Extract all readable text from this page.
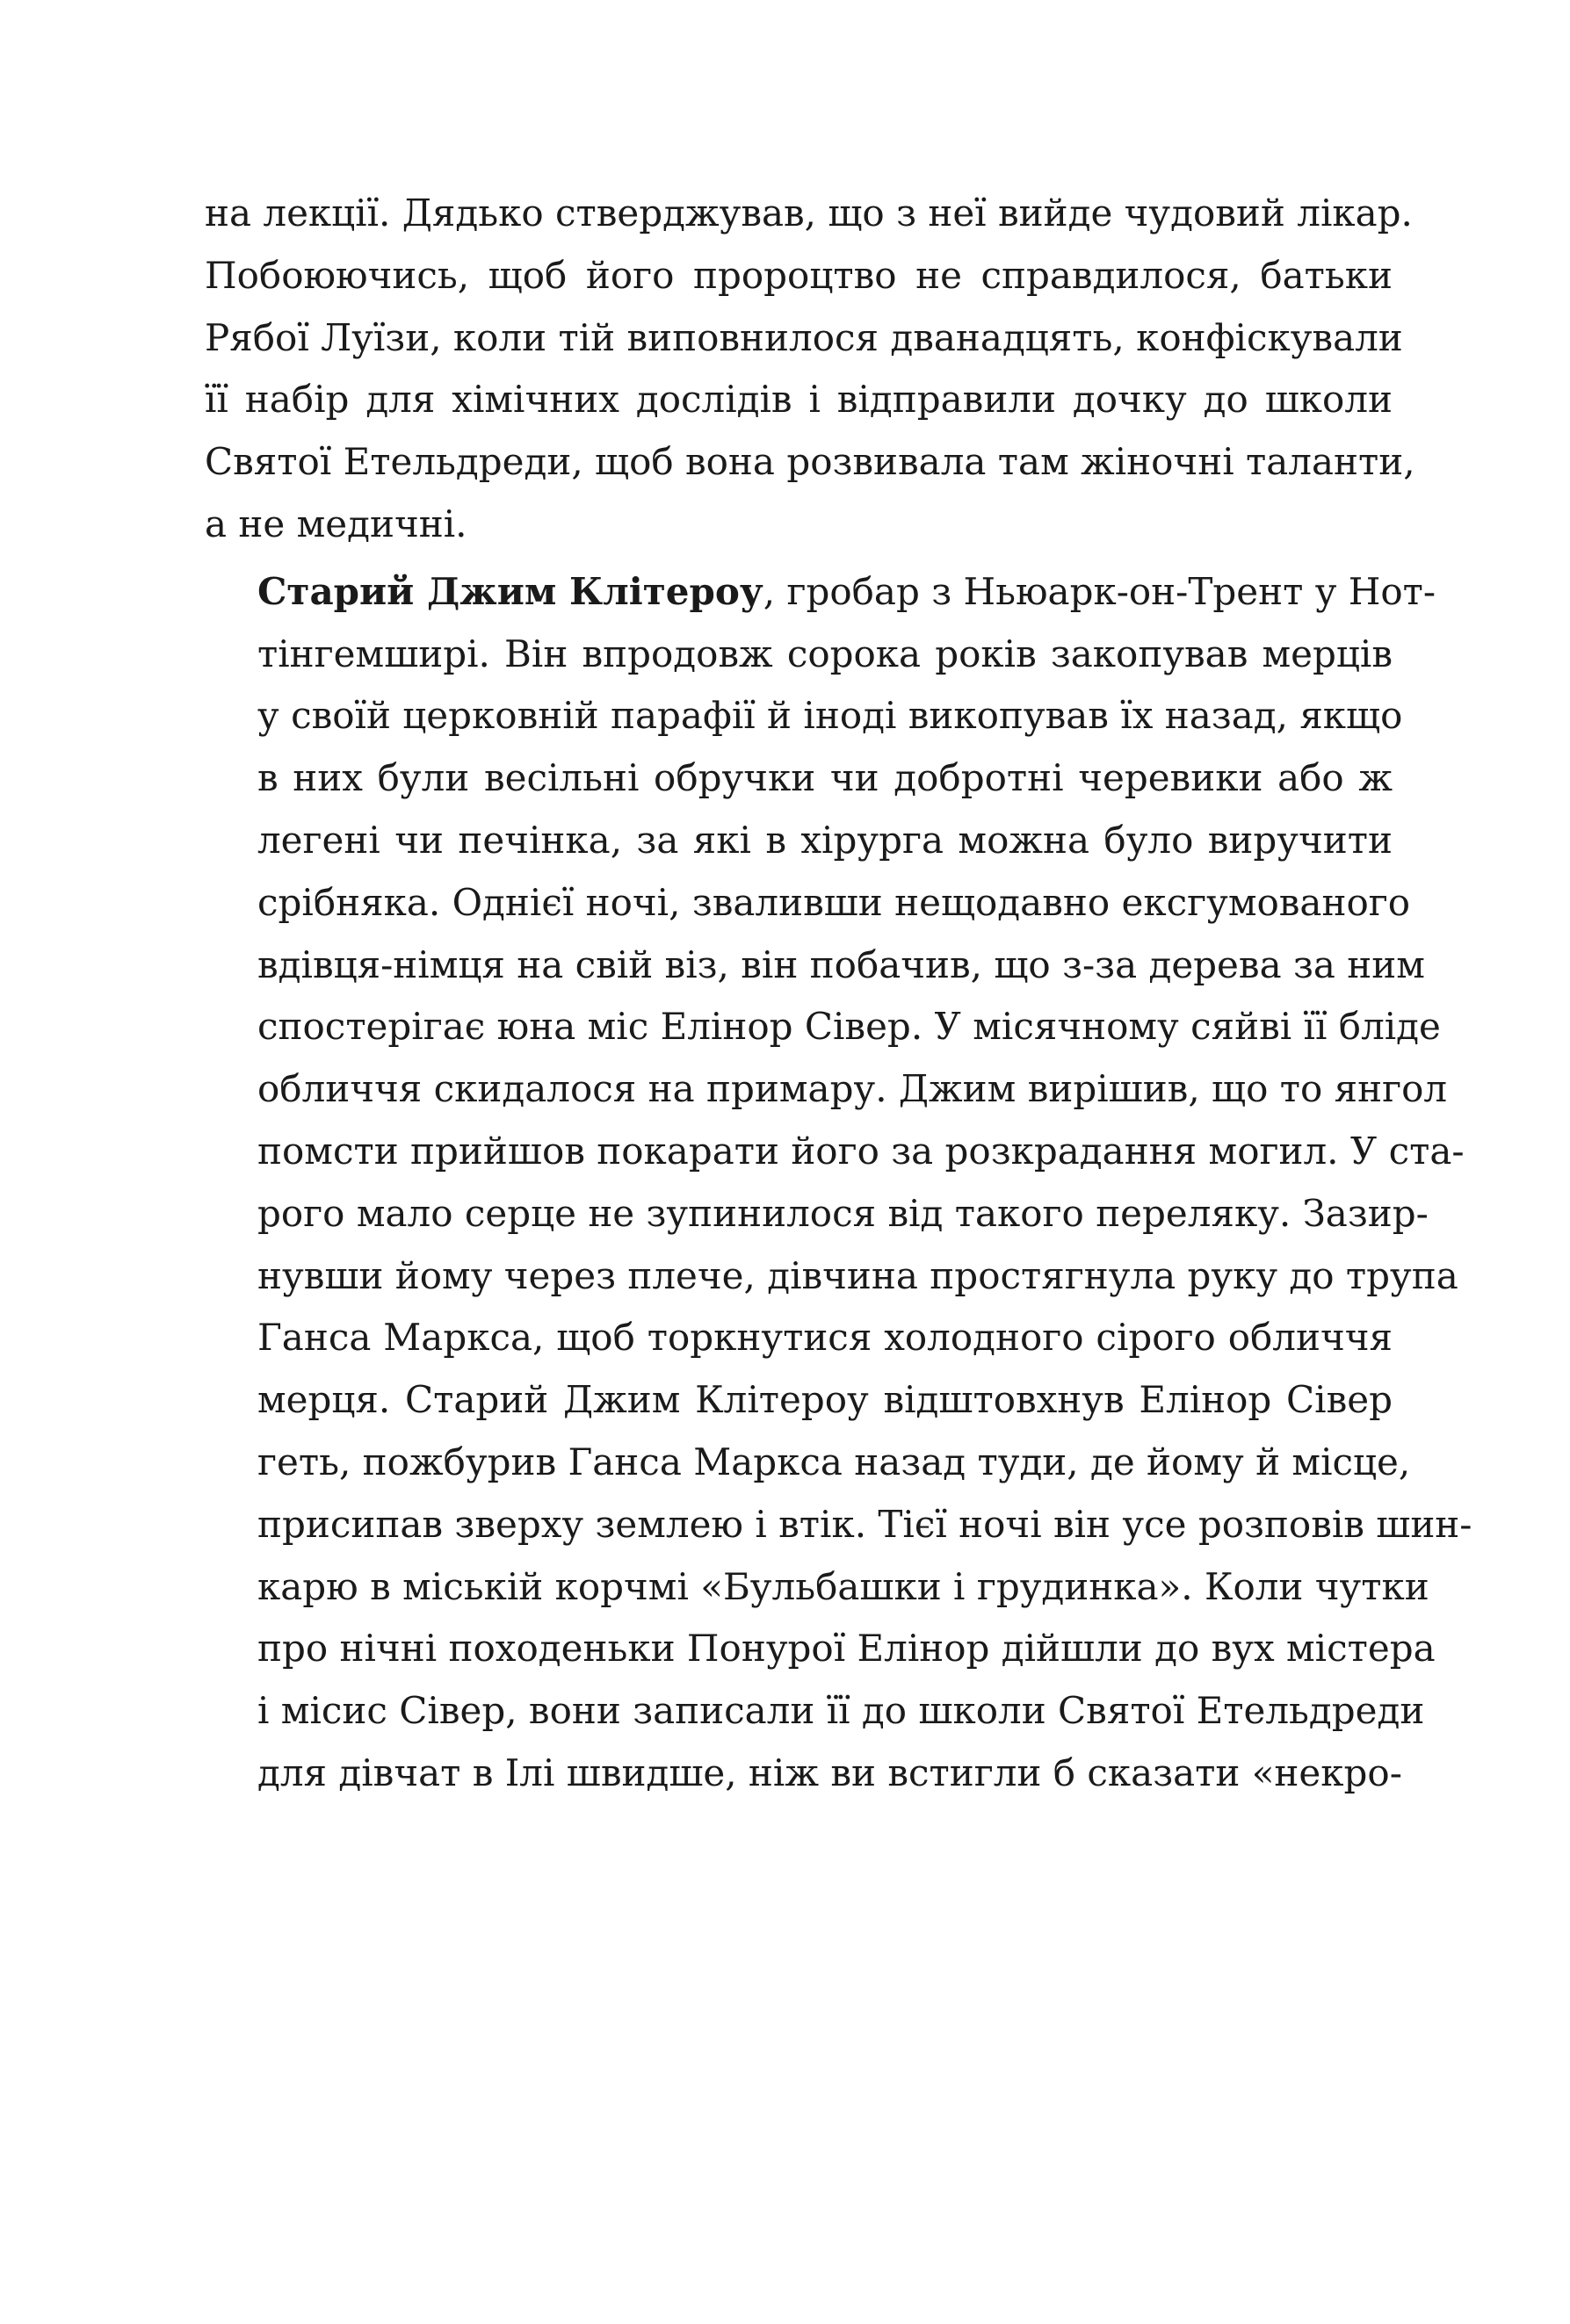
на лекції. Дядько стверджував, що з неї вийде чудовий лікар.
Побоюючись, щоб його пророцтво не справдилося, батьки
Рябої Луїзи, коли тій виповнилося дванадцять, конфіскували
її набір для хімічних дослідів і відправили дочку до школи
Святої Етельдреди, щоб вона розвивала там жіночні таланти,
а не медичні.

Старий Джим Клітероу, гробар з Ньюарк-он-Трент у Нот-
тінгемширі. Він впродовж сорока років закопував мерців
у своїй церковній парафії й іноді викопував їх назад, якщо
в них були весільні обручки чи добротні черевики або ж
легені чи печінка, за які в хірурга можна було виручити
срібняка. Однієї ночі, зваливши нещодавно ексгумованого
вдівця-німця на свій віз, він побачив, що з-за дерева за ним
спостерігає юна міс Елінор Сівер. У місячному сяйві її бліде
обличчя скидалося на примару. Джим вирішив, що то янгол
помсти прийшов покарати його за розкрадання могил. У ста-
рого мало серце не зупинилося від такого переляку. Зазир-
нувши йому через плече, дівчина простягнула руку до трупа
Ганса Маркса, щоб торкнутися холодного сірого обличчя
мерця. Старий Джим Клітероу відштовхнув Елінор Сівер
геть, пожбурив Ганса Маркса назад туди, де йому й місце,
присипав зверху землею і втік. Тієї ночі він усе розповів шин-
карю в міській корчмі «Бульбашки і грудинка». Коли чутки
про нічні походеньки Понурої Елінор дійшли до вух містера
і місис Сівер, вони записали її до школи Святої Етельдреди
для дівчат в Ілі швидше, ніж ви встигли б сказати «некро-
